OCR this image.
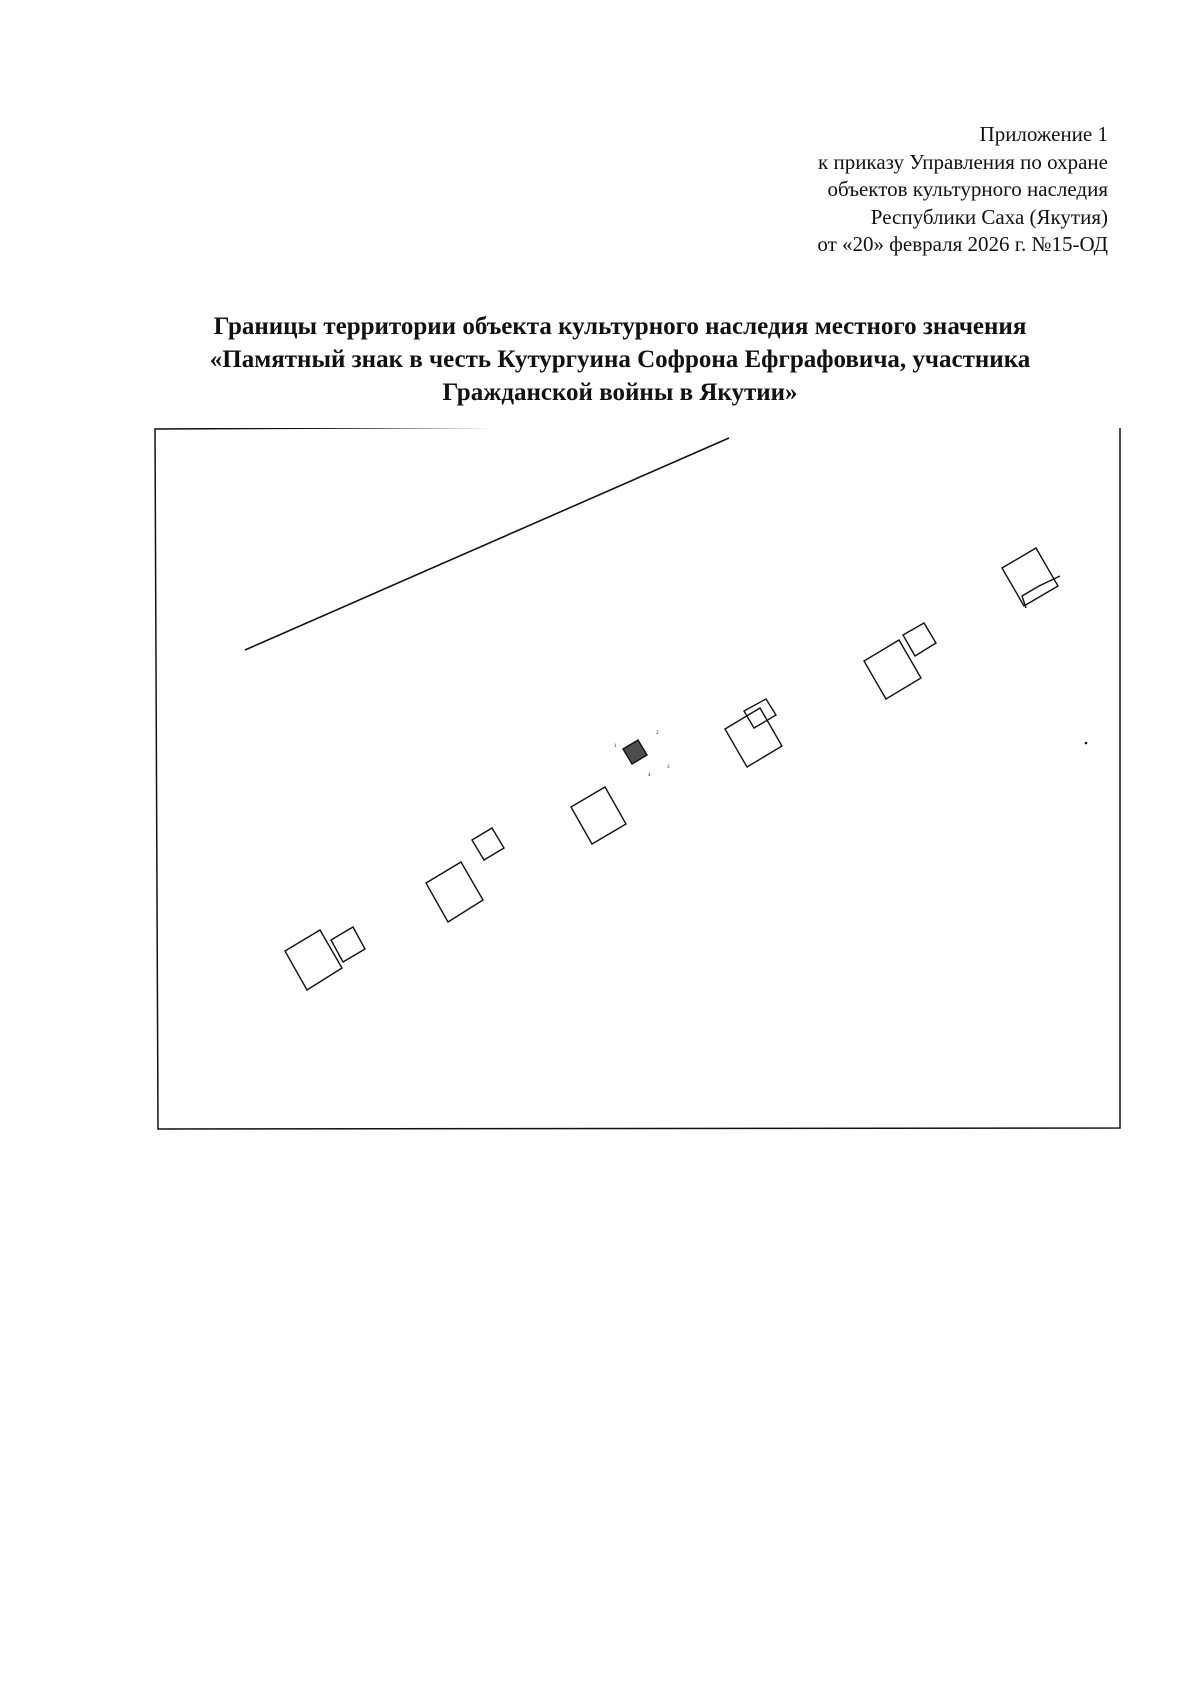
Приложение 1
к приказу Управления по охране
объектов культурного наследия
Республики Саха (Якутия)
от «20» февраля 2026 г. №15-ОД
Границы территории объекта культурного наследия местного значения
«Памятный знак в честь Кутургуина Софрона Ефграфовича, участника
Гражданской войны в Якутии»
1
2
3
4
